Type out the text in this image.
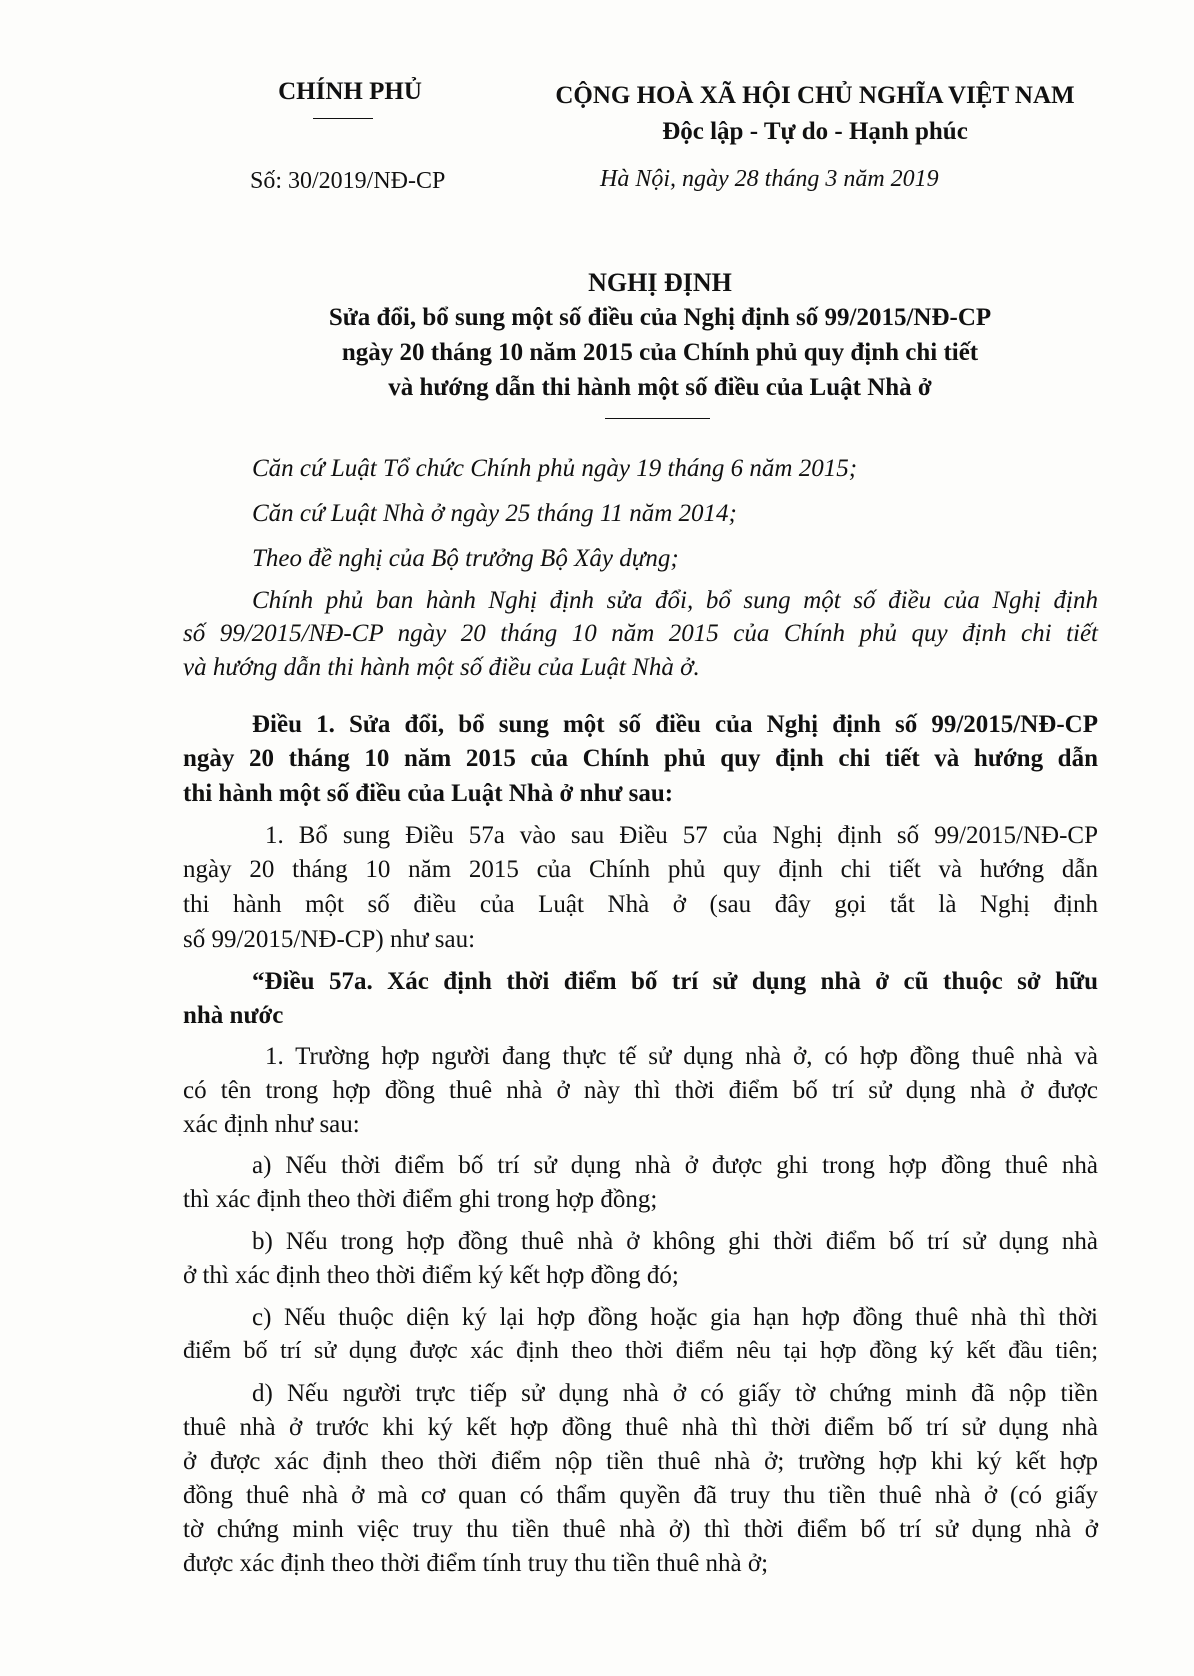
CHÍNH PHỦ	CỘNG HOÀ XÃ HỘI CHỦ NGHĨA VIỆT NAM
Độc lập - Tự do - Hạnh phúc
Số: 30/2019/NĐ-CP	Hà Nội, ngày 28 tháng 3 năm 2019
NGHỊ ĐỊNH
Sửa đổi, bổ sung một số điều của Nghị định số 99/2015/NĐ-CP
ngày 20 tháng 10 năm 2015 của Chính phủ quy định chi tiết
và hướng dẫn thi hành một số điều của Luật Nhà ở
Căn cứ Luật Tổ chức Chính phủ ngày 19 tháng 6 năm 2015;
Căn cứ Luật Nhà ở ngày 25 tháng 11 năm 2014;
Theo đề nghị của Bộ trưởng Bộ Xây dựng;
Chính phủ ban hành Nghị định sửa đổi, bổ sung một số điều của Nghị định
số 99/2015/NĐ-CP ngày 20 tháng 10 năm 2015 của Chính phủ quy định chi tiết
và hướng dẫn thi hành một số điều của Luật Nhà ở.
Điều 1. Sửa đổi, bổ sung một số điều của Nghị định số 99/2015/NĐ-CP
ngày 20 tháng 10 năm 2015 của Chính phủ quy định chi tiết và hướng dẫn
thi hành một số điều của Luật Nhà ở như sau:
1. Bổ sung Điều 57a vào sau Điều 57 của Nghị định số 99/2015/NĐ-CP
ngày 20 tháng 10 năm 2015 của Chính phủ quy định chi tiết và hướng dẫn
thi hành một số điều của Luật Nhà ở (sau đây gọi tắt là Nghị định
số 99/2015/NĐ-CP) như sau:
“Điều 57a. Xác định thời điểm bố trí sử dụng nhà ở cũ thuộc sở hữu
nhà nước
1. Trường hợp người đang thực tế sử dụng nhà ở, có hợp đồng thuê nhà và
có tên trong hợp đồng thuê nhà ở này thì thời điểm bố trí sử dụng nhà ở được
xác định như sau:
a) Nếu thời điểm bố trí sử dụng nhà ở được ghi trong hợp đồng thuê nhà
thì xác định theo thời điểm ghi trong hợp đồng;
b) Nếu trong hợp đồng thuê nhà ở không ghi thời điểm bố trí sử dụng nhà
ở thì xác định theo thời điểm ký kết hợp đồng đó;
c) Nếu thuộc diện ký lại hợp đồng hoặc gia hạn hợp đồng thuê nhà thì thời
điểm bố trí sử dụng được xác định theo thời điểm nêu tại hợp đồng ký kết đầu tiên;
d) Nếu người trực tiếp sử dụng nhà ở có giấy tờ chứng minh đã nộp tiền
thuê nhà ở trước khi ký kết hợp đồng thuê nhà thì thời điểm bố trí sử dụng nhà
ở được xác định theo thời điểm nộp tiền thuê nhà ở; trường hợp khi ký kết hợp
đồng thuê nhà ở mà cơ quan có thẩm quyền đã truy thu tiền thuê nhà ở (có giấy
tờ chứng minh việc truy thu tiền thuê nhà ở) thì thời điểm bố trí sử dụng nhà ở
được xác định theo thời điểm tính truy thu tiền thuê nhà ở;
